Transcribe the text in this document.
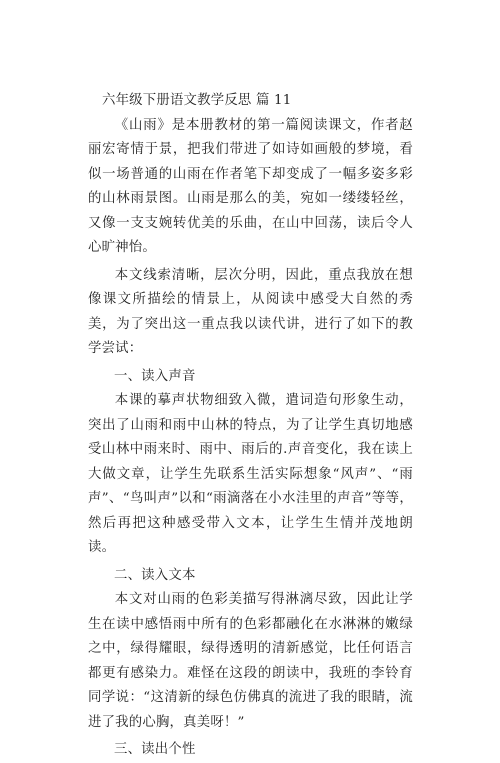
六年级下册语文教学反思 篇 11

《山雨》是本册教材的第一篇阅读课文，作者赵丽宏寄情于景，把我们带进了如诗如画般的梦境，看似一场普通的山雨在作者笔下却变成了一幅多姿多彩的山林雨景图。山雨是那么的美，宛如一缕缕轻丝，又像一支支婉转优美的乐曲，在山中回荡，读后令人心旷神怡。

本文线索清晰，层次分明，因此，重点我放在想像课文所描绘的情景上，从阅读中感受大自然的秀美，为了突出这一重点我以读代讲，进行了如下的教学尝试：

一、读入声音

本课的摹声状物细致入微，遣词造句形象生动，突出了山雨和雨中山林的特点，为了让学生真切地感受山林中雨来时、雨中、雨后的.声音变化，我在读上大做文章，让学生先联系生活实际想象“风声”、“雨声”、“鸟叫声”以和“雨滴落在小水洼里的声音”等等，然后再把这种感受带入文本，让学生生情并茂地朗读。

二、读入文本

本文对山雨的色彩美描写得淋漓尽致，因此让学生在读中感悟雨中所有的色彩都融化在水淋淋的嫩绿之中，绿得耀眼，绿得透明的清新感觉，比任何语言都更有感染力。难怪在这段的朗读中，我班的李铃育同学说：“这清新的绿色仿佛真的流进了我的眼睛，流进了我的心胸，真美呀！”

三、读出个性
